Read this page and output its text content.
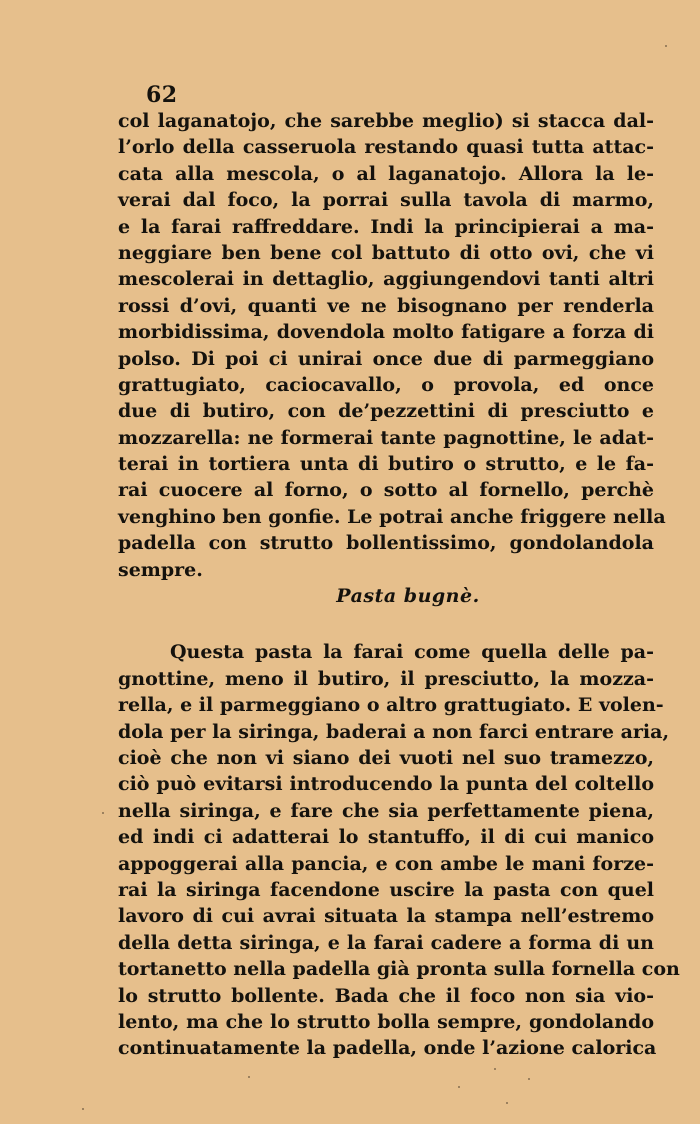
62
col laganatojo, che sarebbe meglio) si stacca dal-
l’orlo della casseruola restando quasi tutta attac-
cata alla mescola, o al laganatojo. Allora la le-
verai dal foco, la porrai sulla tavola di marmo,
e la farai raffreddare. Indi la principierai a ma-
neggiare ben bene col battuto di otto ovi, che vi
mescolerai in dettaglio, aggiungendovi tanti altri
rossi d’ovi, quanti ve ne bisognano per renderla
morbidissima, dovendola molto fatigare a forza di
polso. Di poi ci unirai once due di parmeggiano
grattugiato, caciocavallo, o provola, ed once
due di butiro, con de’pezzettini di presciutto e
mozzarella: ne formerai tante pagnottine, le adat-
terai in tortiera unta di butiro o strutto, e le fa-
rai cuocere al forno, o sotto al fornello, perchè
venghino ben gonfie. Le potrai anche friggere nella
padella con strutto bollentissimo, gondolandola
sempre.
Pasta bugnè.
Questa pasta la farai come quella delle pa-
gnottine, meno il butiro, il presciutto, la mozza-
rella, e il parmeggiano o altro grattugiato. E volen-
dola per la siringa, baderai a non farci entrare aria,
cioè che non vi siano dei vuoti nel suo tramezzo,
ciò può evitarsi introducendo la punta del coltello
nella siringa, e fare che sia perfettamente piena,
ed indi ci adatterai lo stantuffo, il di cui manico
appoggerai alla pancia, e con ambe le mani forze-
rai la siringa facendone uscire la pasta con quel
lavoro di cui avrai situata la stampa nell’estremo
della detta siringa, e la farai cadere a forma di un
tortanetto nella padella già pronta sulla fornella con
lo strutto bollente. Bada che il foco non sia vio-
lento, ma che lo strutto bolla sempre, gondolando
continuatamente la padella, onde l’azione calorica
